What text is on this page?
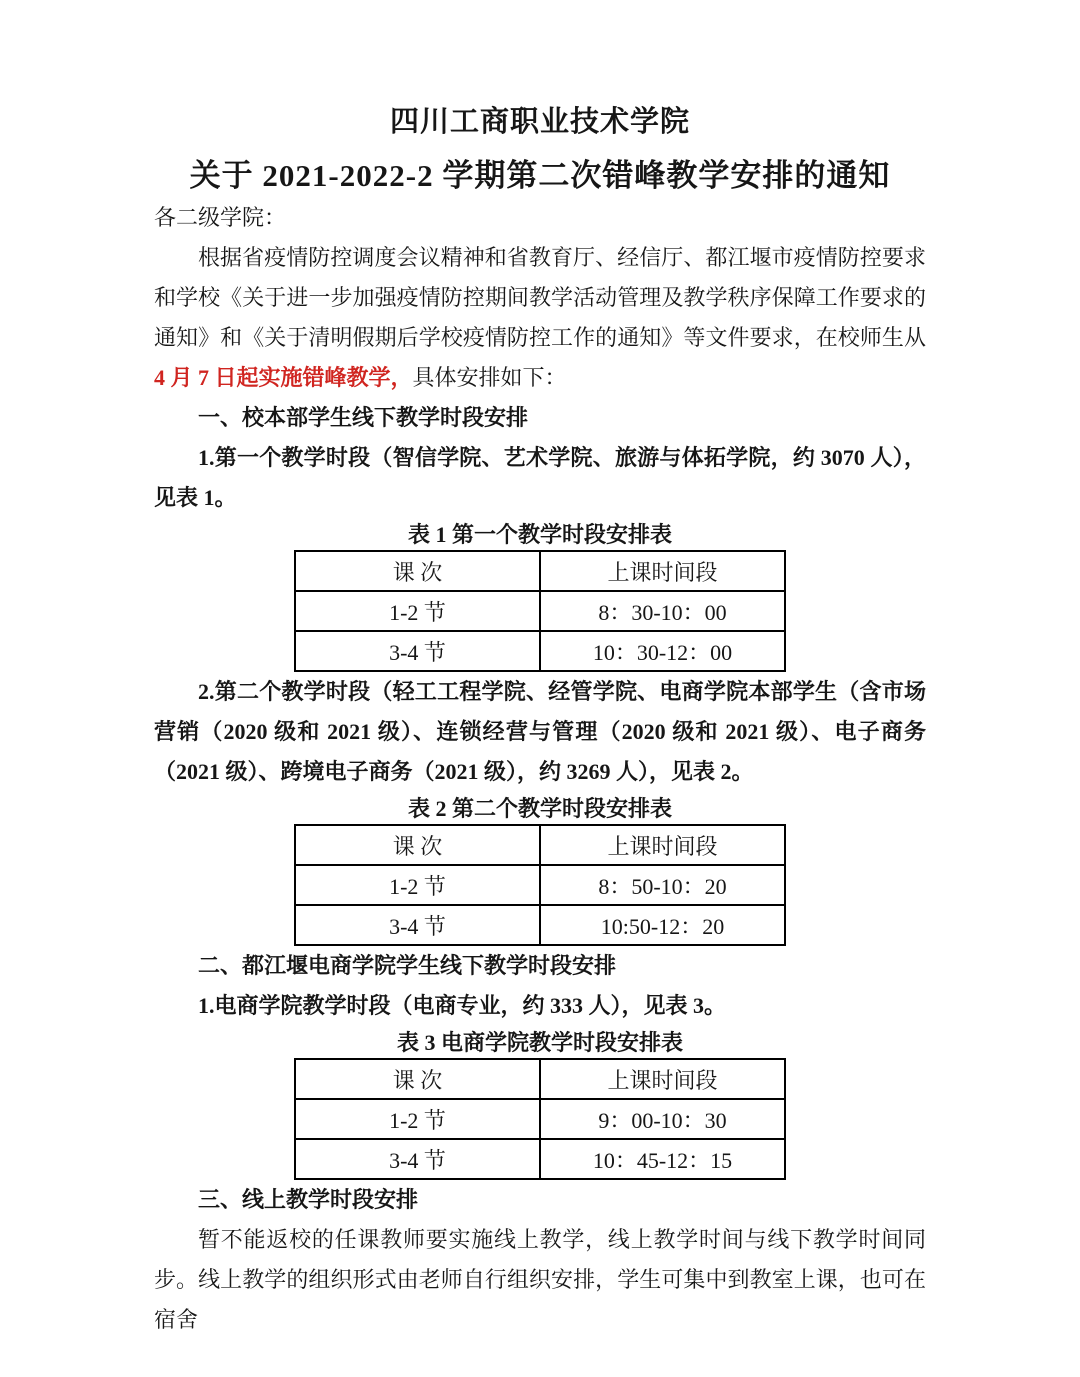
四川工商职业技术学院

关于 2021-2022-2 学期第二次错峰教学安排的通知

各二级学院：

根据省疫情防控调度会议精神和省教育厅、经信厅、都江堰市疫情防控要求和学校《关于进一步加强疫情防控期间教学活动管理及教学秩序保障工作要求的通知》和《关于清明假期后学校疫情防控工作的通知》等文件要求，在校师生从 4 月 7 日起实施错峰教学，具体安排如下：

一、校本部学生线下教学时段安排

1.第一个教学时段（智信学院、艺术学院、旅游与体拓学院，约 3070 人），见表 1。

表 1 第一个教学时段安排表

课 次	上课时间段
1-2 节	8：30-10：00
3-4 节	10：30-12：00

2.第二个教学时段（轻工工程学院、经管学院、电商学院本部学生（含市场营销（2020 级和 2021 级）、连锁经营与管理（2020 级和 2021 级）、电子商务（2021 级）、跨境电子商务（2021 级），约 3269 人），见表 2。

表 2 第二个教学时段安排表

课 次	上课时间段
1-2 节	8：50-10：20
3-4 节	10:50-12：20

二、都江堰电商学院学生线下教学时段安排

1.电商学院教学时段（电商专业，约 333 人），见表 3。

表 3 电商学院教学时段安排表

课 次	上课时间段
1-2 节	9：00-10：30
3-4 节	10：45-12：15

三、线上教学时段安排

暂不能返校的任课教师要实施线上教学，线上教学时间与线下教学时间同步。线上教学的组织形式由老师自行组织安排，学生可集中到教室上课，也可在宿舍
